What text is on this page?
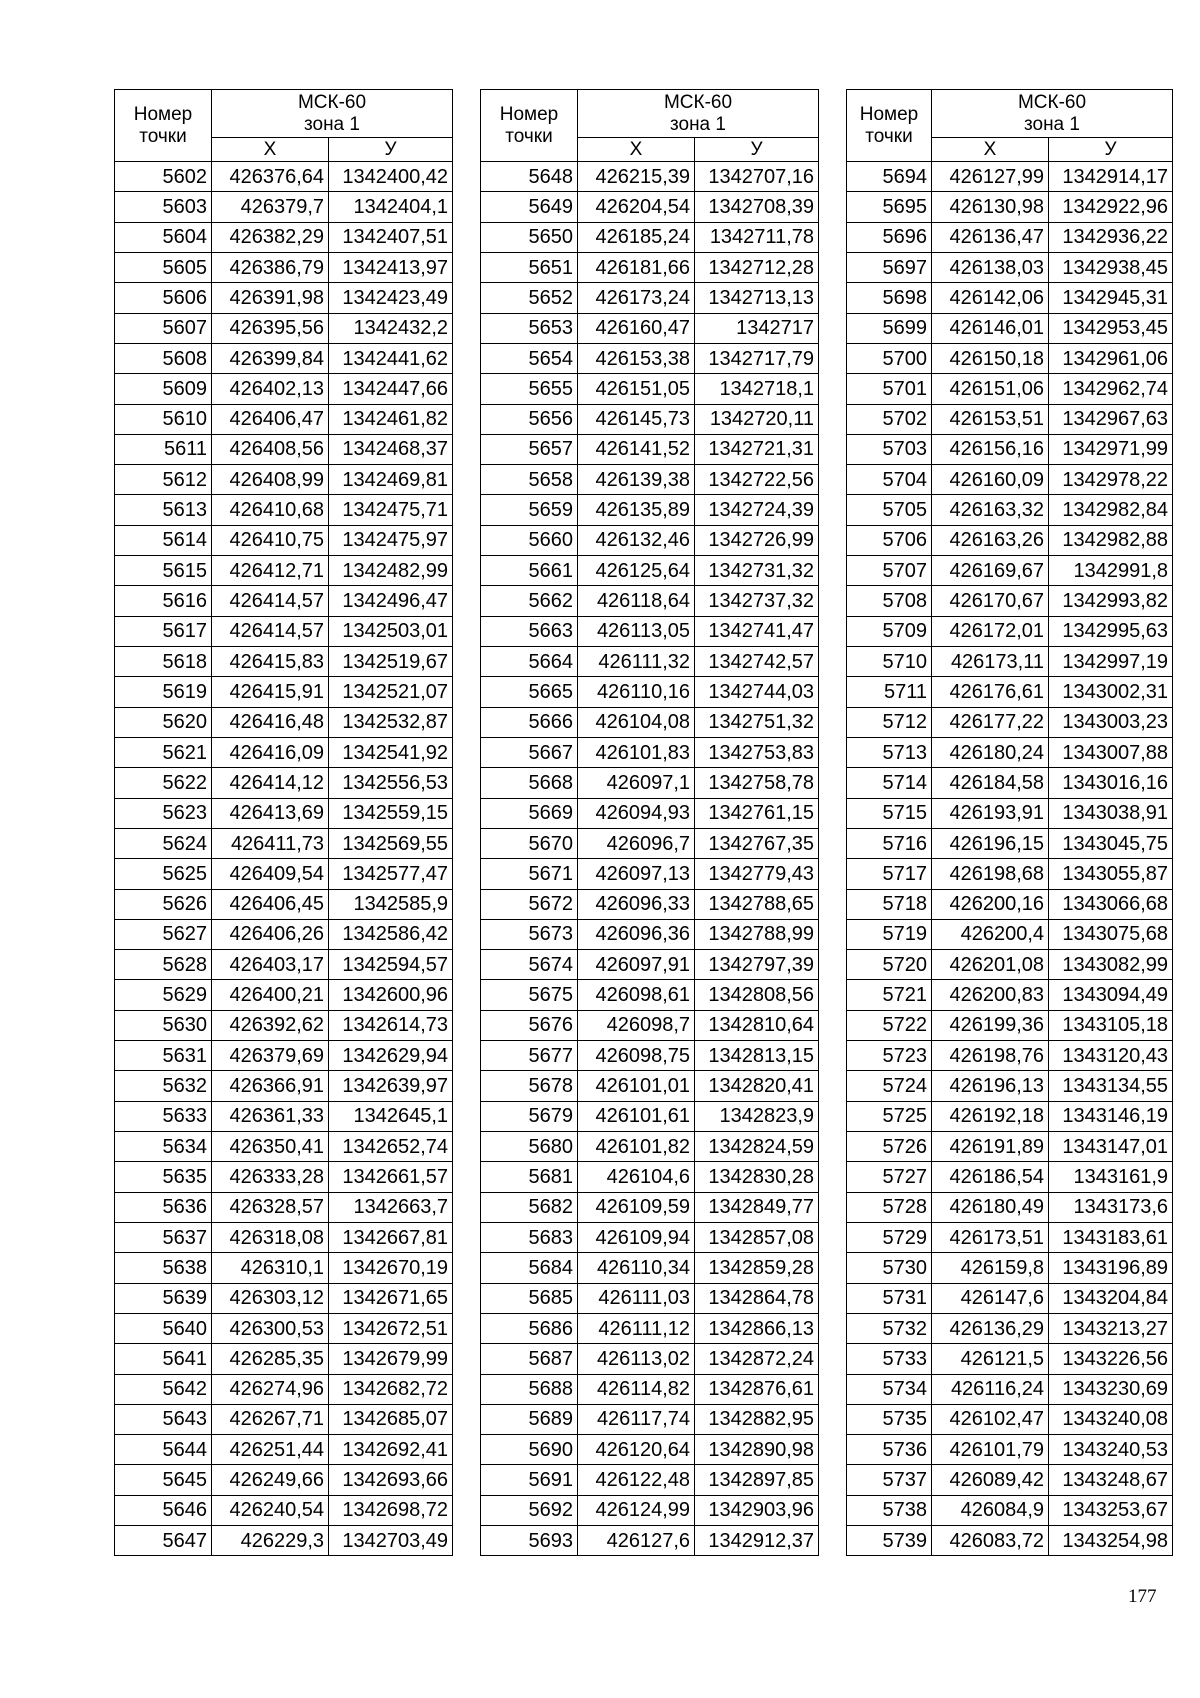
Номер
точки	МСК-60
зона 1	
	X	У
5602	426376,64	1342400,42
5603	426379,7	1342404,1
5604	426382,29	1342407,51
5605	426386,79	1342413,97
5606	426391,98	1342423,49
5607	426395,56	1342432,2
5608	426399,84	1342441,62
5609	426402,13	1342447,66
5610	426406,47	1342461,82
5611	426408,56	1342468,37
5612	426408,99	1342469,81
5613	426410,68	1342475,71
5614	426410,75	1342475,97
5615	426412,71	1342482,99
5616	426414,57	1342496,47
5617	426414,57	1342503,01
5618	426415,83	1342519,67
5619	426415,91	1342521,07
5620	426416,48	1342532,87
5621	426416,09	1342541,92
5622	426414,12	1342556,53
5623	426413,69	1342559,15
5624	426411,73	1342569,55
5625	426409,54	1342577,47
5626	426406,45	1342585,9
5627	426406,26	1342586,42
5628	426403,17	1342594,57
5629	426400,21	1342600,96
5630	426392,62	1342614,73
5631	426379,69	1342629,94
5632	426366,91	1342639,97
5633	426361,33	1342645,1
5634	426350,41	1342652,74
5635	426333,28	1342661,57
5636	426328,57	1342663,7
5637	426318,08	1342667,81
5638	426310,1	1342670,19
5639	426303,12	1342671,65
5640	426300,53	1342672,51
5641	426285,35	1342679,99
5642	426274,96	1342682,72
5643	426267,71	1342685,07
5644	426251,44	1342692,41
5645	426249,66	1342693,66
5646	426240,54	1342698,72
5647	426229,3	1342703,49
Номер
точки	МСК-60
зона 1	
	X	У
5648	426215,39	1342707,16
5649	426204,54	1342708,39
5650	426185,24	1342711,78
5651	426181,66	1342712,28
5652	426173,24	1342713,13
5653	426160,47	1342717
5654	426153,38	1342717,79
5655	426151,05	1342718,1
5656	426145,73	1342720,11
5657	426141,52	1342721,31
5658	426139,38	1342722,56
5659	426135,89	1342724,39
5660	426132,46	1342726,99
5661	426125,64	1342731,32
5662	426118,64	1342737,32
5663	426113,05	1342741,47
5664	426111,32	1342742,57
5665	426110,16	1342744,03
5666	426104,08	1342751,32
5667	426101,83	1342753,83
5668	426097,1	1342758,78
5669	426094,93	1342761,15
5670	426096,7	1342767,35
5671	426097,13	1342779,43
5672	426096,33	1342788,65
5673	426096,36	1342788,99
5674	426097,91	1342797,39
5675	426098,61	1342808,56
5676	426098,7	1342810,64
5677	426098,75	1342813,15
5678	426101,01	1342820,41
5679	426101,61	1342823,9
5680	426101,82	1342824,59
5681	426104,6	1342830,28
5682	426109,59	1342849,77
5683	426109,94	1342857,08
5684	426110,34	1342859,28
5685	426111,03	1342864,78
5686	426111,12	1342866,13
5687	426113,02	1342872,24
5688	426114,82	1342876,61
5689	426117,74	1342882,95
5690	426120,64	1342890,98
5691	426122,48	1342897,85
5692	426124,99	1342903,96
5693	426127,6	1342912,37
Номер
точки	МСК-60
зона 1	
	X	У
5694	426127,99	1342914,17
5695	426130,98	1342922,96
5696	426136,47	1342936,22
5697	426138,03	1342938,45
5698	426142,06	1342945,31
5699	426146,01	1342953,45
5700	426150,18	1342961,06
5701	426151,06	1342962,74
5702	426153,51	1342967,63
5703	426156,16	1342971,99
5704	426160,09	1342978,22
5705	426163,32	1342982,84
5706	426163,26	1342982,88
5707	426169,67	1342991,8
5708	426170,67	1342993,82
5709	426172,01	1342995,63
5710	426173,11	1342997,19
5711	426176,61	1343002,31
5712	426177,22	1343003,23
5713	426180,24	1343007,88
5714	426184,58	1343016,16
5715	426193,91	1343038,91
5716	426196,15	1343045,75
5717	426198,68	1343055,87
5718	426200,16	1343066,68
5719	426200,4	1343075,68
5720	426201,08	1343082,99
5721	426200,83	1343094,49
5722	426199,36	1343105,18
5723	426198,76	1343120,43
5724	426196,13	1343134,55
5725	426192,18	1343146,19
5726	426191,89	1343147,01
5727	426186,54	1343161,9
5728	426180,49	1343173,6
5729	426173,51	1343183,61
5730	426159,8	1343196,89
5731	426147,6	1343204,84
5732	426136,29	1343213,27
5733	426121,5	1343226,56
5734	426116,24	1343230,69
5735	426102,47	1343240,08
5736	426101,79	1343240,53
5737	426089,42	1343248,67
5738	426084,9	1343253,67
5739	426083,72	1343254,98
177
